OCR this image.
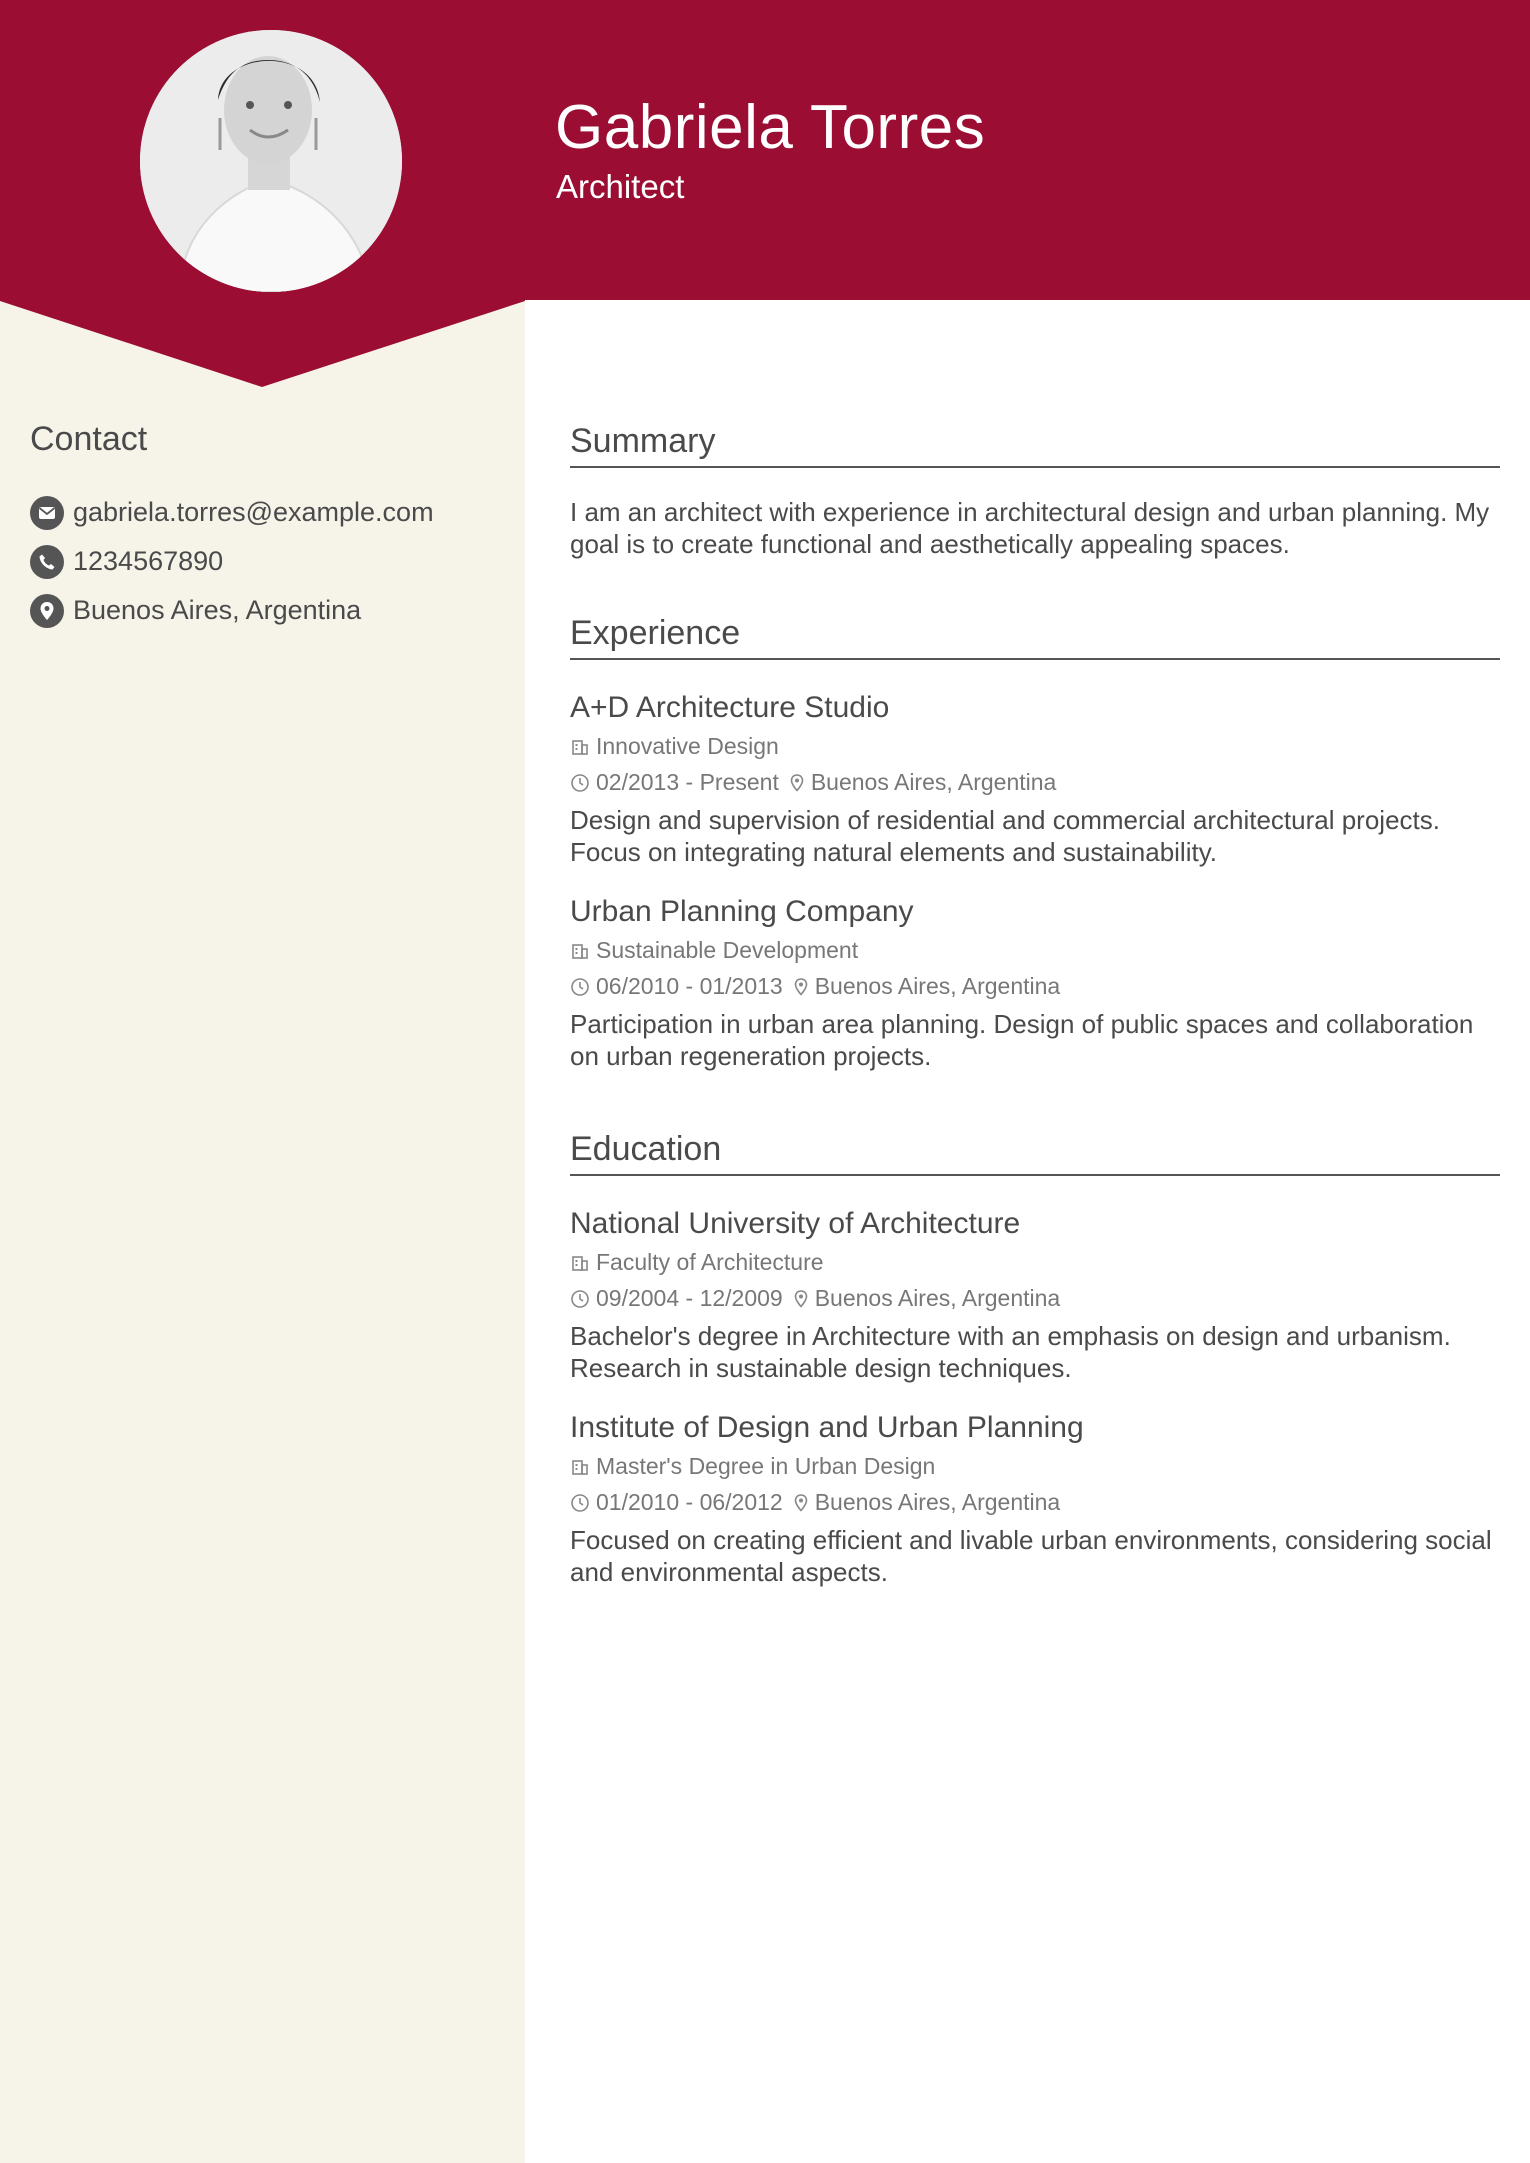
Gabriela Torres
Architect
Contact
gabriela.torres@example.com
1234567890
Buenos Aires, Argentina
Summary
I am an architect with experience in architectural design and urban planning. My goal is to create functional and aesthetically appealing spaces.
Experience
A+D Architecture Studio
Innovative Design
02/2013 - Present Buenos Aires, Argentina
Design and supervision of residential and commercial architectural projects. Focus on integrating natural elements and sustainability.
Urban Planning Company
Sustainable Development
06/2010 - 01/2013 Buenos Aires, Argentina
Participation in urban area planning. Design of public spaces and collaboration on urban regeneration projects.
Education
National University of Architecture
Faculty of Architecture
09/2004 - 12/2009 Buenos Aires, Argentina
Bachelor's degree in Architecture with an emphasis on design and urbanism. Research in sustainable design techniques.
Institute of Design and Urban Planning
Master's Degree in Urban Design
01/2010 - 06/2012 Buenos Aires, Argentina
Focused on creating efficient and livable urban environments, considering social and environmental aspects.
